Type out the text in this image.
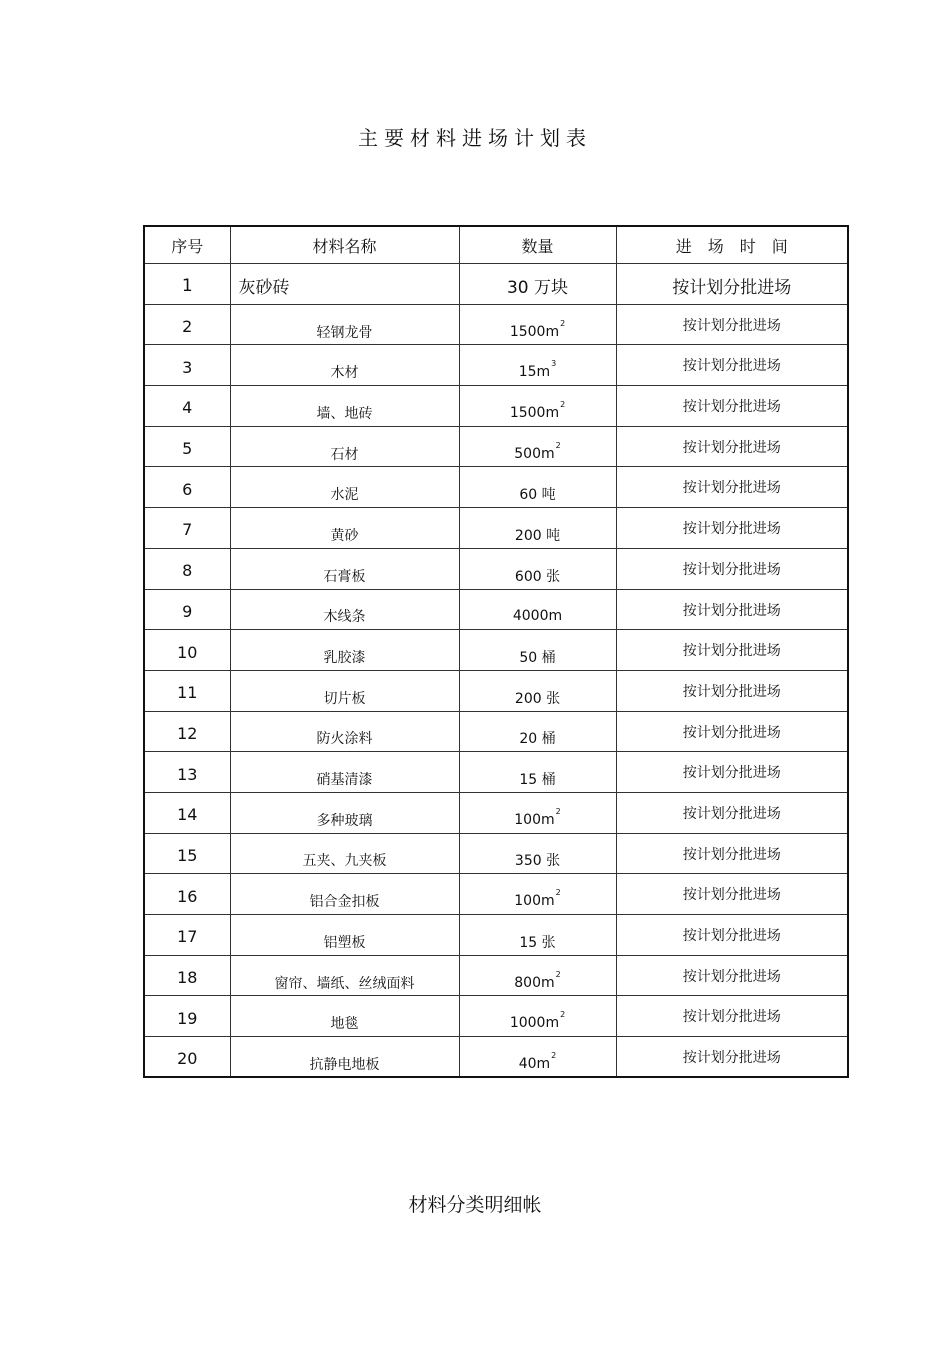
主要材料进场计划表
序号	材料名称	数量	进　场　时　间
1	灰砂砖	30 万块	按计划分批进场
2	轻钢龙骨	$1500m^2$	按计划分批进场
3	木材	$15m^3$	按计划分批进场
4	墙、地砖	$1500m^2$	按计划分批进场
5	石材	$500m^2$	按计划分批进场
6	水泥	60 吨	按计划分批进场
7	黄砂	200 吨	按计划分批进场
8	石膏板	600 张	按计划分批进场
9	木线条	4000m	按计划分批进场
10	乳胶漆	50 桶	按计划分批进场
11	切片板	200 张	按计划分批进场
12	防火涂料	20 桶	按计划分批进场
13	硝基清漆	15 桶	按计划分批进场
14	多种玻璃	$100m^2$	按计划分批进场
15	五夹、九夹板	350 张	按计划分批进场
16	铝合金扣板	$100m^2$	按计划分批进场
17	铝塑板	15 张	按计划分批进场
18	窗帘、墙纸、丝绒面料	$800m^2$	按计划分批进场
19	地毯	$1000m^2$	按计划分批进场
20	抗静电地板	$40m^2$	按计划分批进场
材料分类明细帐
